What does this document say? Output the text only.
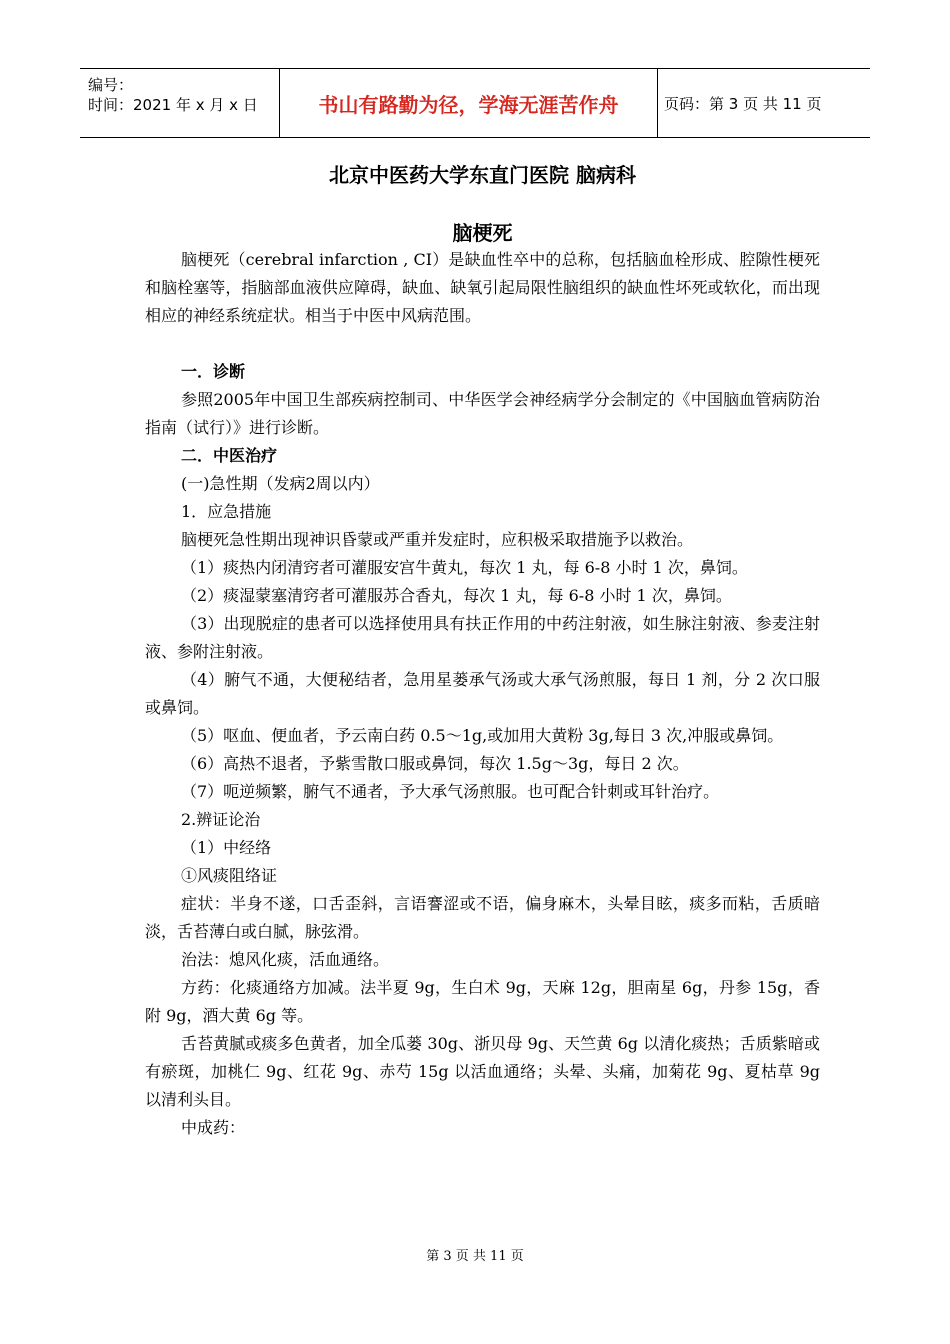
编号：
时间：2021 年 x 月 x 日	书山有路勤为径，学海无涯苦作舟	页码：第 3 页 共 11 页
北京中医药大学东直门医院 脑病科
脑梗死

脑梗死（cerebral infarction , CI）是缺血性卒中的总称，包括脑血栓形成、腔隙性梗死和脑栓塞等，指脑部血液供应障碍，缺血、缺氧引起局限性脑组织的缺血性坏死或软化，而出现相应的神经系统症状。相当于中医中风病范围。

一．诊断

参照2005年中国卫生部疾病控制司、中华医学会神经病学分会制定的《中国脑血管病防治指南（试行）》进行诊断。

二．中医治疗

(一)急性期（发病2周以内）

1．应急措施

脑梗死急性期出现神识昏蒙或严重并发症时，应积极采取措施予以救治。

（1）痰热内闭清窍者可灌服安宫牛黄丸，每次 1 丸，每 6-8 小时 1 次，鼻饲。

（2）痰湿蒙塞清窍者可灌服苏合香丸，每次 1 丸，每 6-8 小时 1 次，鼻饲。

（3）出现脱症的患者可以选择使用具有扶正作用的中药注射液，如生脉注射液、参麦注射液、参附注射液。

（4）腑气不通，大便秘结者，急用星蒌承气汤或大承气汤煎服，每日 1 剂，分 2 次口服或鼻饲。

（5）呕血、便血者，予云南白药 0.5～1g,或加用大黄粉 3g,每日 3 次,冲服或鼻饲。

（6）高热不退者，予紫雪散口服或鼻饲，每次 1.5g～3g，每日 2 次。

（7）呃逆频繁，腑气不通者，予大承气汤煎服。也可配合针刺或耳针治疗。

2.辨证论治

（1）中经络

①风痰阻络证

症状：半身不遂，口舌歪斜，言语謇涩或不语，偏身麻木，头晕目眩，痰多而粘，舌质暗淡，舌苔薄白或白腻，脉弦滑。

治法：熄风化痰，活血通络。

方药：化痰通络方加减。法半夏 9g，生白术 9g，天麻 12g，胆南星 6g，丹参 15g，香附 9g，酒大黄 6g 等。

舌苔黄腻或痰多色黄者，加全瓜蒌 30g、浙贝母 9g、天竺黄 6g 以清化痰热；舌质紫暗或有瘀斑，加桃仁 9g、红花 9g、赤芍 15g 以活血通络；头晕、头痛，加菊花 9g、夏枯草 9g 以清利头目。

中成药：

第 3 页 共 11 页
